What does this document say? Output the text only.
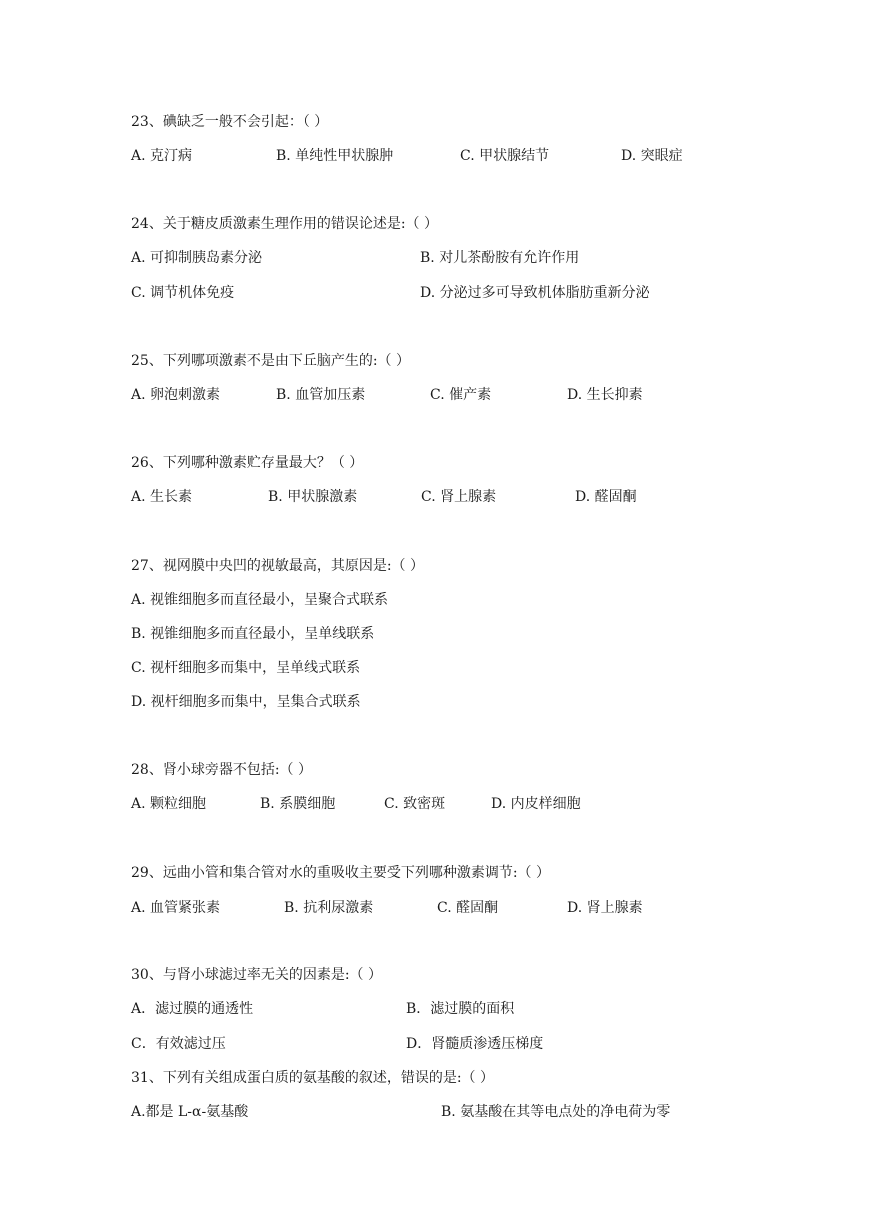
23、碘缺乏一般不会引起：（ ）
A. 克汀病	B. 单纯性甲状腺肿	C. 甲状腺结节	D. 突眼症
24、关于糖皮质激素生理作用的错误论述是:（ ）
A. 可抑制胰岛素分泌	B. 对儿茶酚胺有允许作用
C. 调节机体免疫	D. 分泌过多可导致机体脂肪重新分泌
25、下列哪项激素不是由下丘脑产生的:（ ）
A. 卵泡刺激素	B. 血管加压素	C. 催产素	D. 生长抑素
26、下列哪种激素贮存量最大？（ ）
A. 生长素	B. 甲状腺激素	C. 肾上腺素	D. 醛固酮
27、视网膜中央凹的视敏最高，其原因是:（ ）
A. 视锥细胞多而直径最小，呈聚合式联系
B. 视锥细胞多而直径最小，呈单线联系
C. 视杆细胞多而集中，呈单线式联系
D. 视杆细胞多而集中，呈集合式联系
28、肾小球旁器不包括:（ ）
A. 颗粒细胞	B. 系膜细胞	C. 致密斑	D. 内皮样细胞
29、远曲小管和集合管对水的重吸收主要受下列哪种激素调节:（ ）
A. 血管紧张素	B. 抗利尿激素	C. 醛固酮	D. 肾上腺素
30、与肾小球滤过率无关的因素是:（ ）
A．滤过膜的通透性	B．滤过膜的面积
C．有效滤过压	D．肾髓质渗透压梯度
31、下列有关组成蛋白质的氨基酸的叙述，错误的是:（ ）
A.都是 L-α-氨基酸	B. 氨基酸在其等电点处的净电荷为零
